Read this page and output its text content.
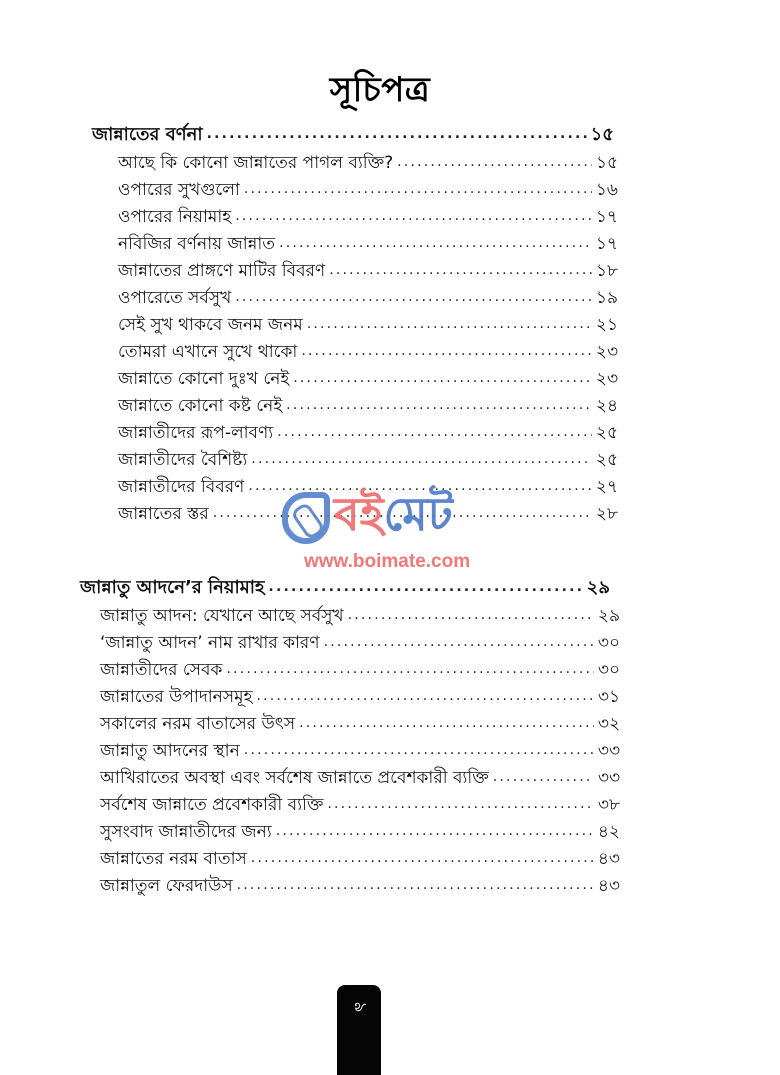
সূচিপত্র
জান্নাতের বর্ণনা .....	১৫
আছে কি কোনো জান্নাতের পাগল ব্যক্তি? .....	১৫
ওপারের সুখগুলো .....	১৬
ওপারের নিয়ামাহ .....	১৭
নবিজির বর্ণনায় জান্নাত .....	১৭
জান্নাতের প্রাঙ্গণে মাটির বিবরণ .....	১৮
ওপারেতে সর্বসুখ .....	১৯
সেই সুখ থাকবে জনম জনম .....	২১
তোমরা এখানে সুখে থাকো .....	২৩
জান্নাতে কোনো দুঃখ নেই .....	২৩
জান্নাতে কোনো কষ্ট নেই .....	২৪
জান্নাতীদের রূপ-লাবণ্য .....	২৫
জান্নাতীদের বৈশিষ্ট্য .....	২৫
জান্নাতীদের বিবরণ .....	২৭
জান্নাতের স্তর .....	২৮
জান্নাতু আদনে’র নিয়ামাহ .....	২৯
জান্নাতু আদন: যেখানে আছে সর্বসুখ .....	২৯
‘জান্নাতু আদন’ নাম রাখার কারণ .....	৩০
জান্নাতীদের সেবক .....	৩০
জান্নাতের উপাদানসমূহ .....	৩১
সকালের নরম বাতাসের উৎস .....	৩২
জান্নাতু আদনের স্থান .....	৩৩
আখিরাতের অবস্থা এবং সর্বশেষ জান্নাতে প্রবেশকারী ব্যক্তি .....	৩৩
সর্বশেষ জান্নাতে প্রবেশকারী ব্যক্তি .....	৩৮
সুসংবাদ জান্নাতীদের জন্য .....	৪২
জান্নাতের নরম বাতাস .....	৪৩
জান্নাতুল ফেরদাউস .....	৪৩
বই মেট
www.boimate.com
৯
